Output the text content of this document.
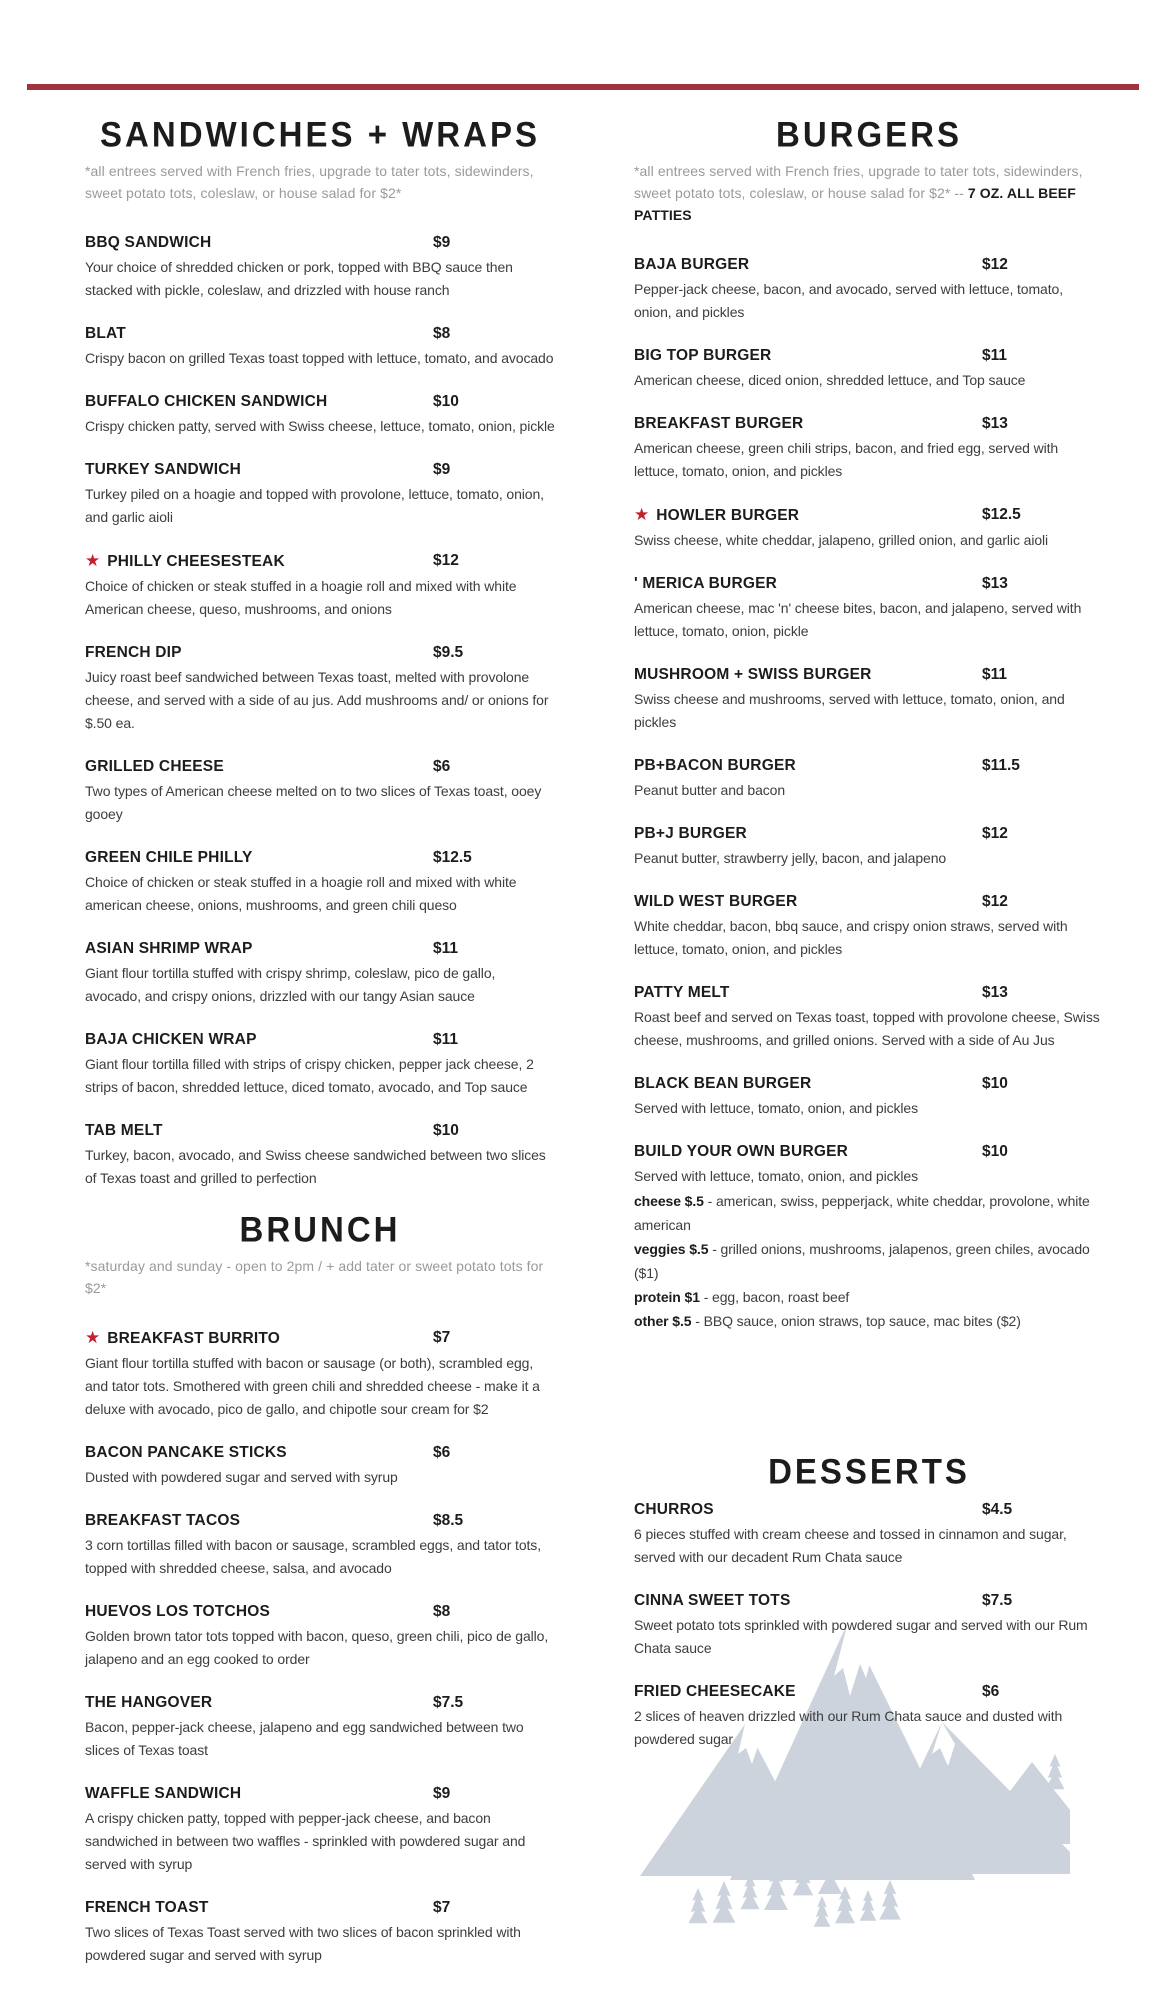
SANDWICHES + WRAPS

*all entrees served with French fries, upgrade to tater tots, sidewinders, sweet potato tots, coleslaw, or house salad for $2*

BBQ SANDWICH	$9
Your choice of shredded chicken or pork, topped with BBQ sauce then stacked with pickle, coleslaw, and drizzled with house ranch
BLAT	$8
Crispy bacon on grilled Texas toast topped with lettuce, tomato, and avocado
BUFFALO CHICKEN SANDWICH	$10
Crispy chicken patty, served with Swiss cheese, lettuce, tomato, onion, pickle
TURKEY SANDWICH	$9
Turkey piled on a hoagie and topped with provolone, lettuce, tomato, onion, and garlic aioli
★ PHILLY CHEESESTEAK	$12
Choice of chicken or steak stuffed in a hoagie roll and mixed with white American cheese, queso, mushrooms, and onions
FRENCH DIP	$9.5
Juicy roast beef sandwiched between Texas toast, melted with provolone cheese, and served with a side of au jus. Add mushrooms and/ or onions for $.50 ea.
GRILLED CHEESE	$6
Two types of American cheese melted on to two slices of Texas toast, ooey gooey
GREEN CHILE PHILLY	$12.5
Choice of chicken or steak stuffed in a hoagie roll and mixed with white american cheese, onions, mushrooms, and green chili queso
ASIAN SHRIMP WRAP	$11
Giant flour tortilla stuffed with crispy shrimp, coleslaw, pico de gallo, avocado, and crispy onions, drizzled with our tangy Asian sauce
BAJA CHICKEN WRAP	$11
Giant flour tortilla filled with strips of crispy chicken, pepper jack cheese, 2 strips of bacon, shredded lettuce, diced tomato, avocado, and Top sauce
TAB MELT	$10
Turkey, bacon, avocado, and Swiss cheese sandwiched between two slices of Texas toast and grilled to perfection
BRUNCH

*saturday and sunday - open to 2pm / + add tater or sweet potato tots for $2*

★ BREAKFAST BURRITO	$7
Giant flour tortilla stuffed with bacon or sausage (or both), scrambled egg, and tator tots. Smothered with green chili and shredded cheese - make it a deluxe with avocado, pico de gallo, and chipotle sour cream for $2
BACON PANCAKE STICKS	$6
Dusted with powdered sugar and served with syrup
BREAKFAST TACOS	$8.5
3 corn tortillas filled with bacon or sausage, scrambled eggs, and tator tots, topped with shredded cheese, salsa, and avocado
HUEVOS LOS TOTCHOS	$8
Golden brown tator tots topped with bacon, queso, green chili, pico de gallo, jalapeno and an egg cooked to order
THE HANGOVER	$7.5
Bacon, pepper-jack cheese, jalapeno and egg sandwiched between two slices of Texas toast
WAFFLE SANDWICH	$9
A crispy chicken patty, topped with pepper-jack cheese, and bacon sandwiched in between two waffles - sprinkled with powdered sugar and served with syrup
FRENCH TOAST	$7
Two slices of Texas Toast served with two slices of bacon sprinkled with powdered sugar and served with syrup
BURGERS

*all entrees served with French fries, upgrade to tater tots, sidewinders, sweet potato tots, coleslaw, or house salad for $2* -- 7 OZ. ALL BEEF PATTIES

BAJA BURGER	$12
Pepper-jack cheese, bacon, and avocado, served with lettuce, tomato, onion, and pickles
BIG TOP BURGER	$11
American cheese, diced onion, shredded lettuce, and Top sauce
BREAKFAST BURGER	$13
American cheese, green chili strips, bacon, and fried egg, served with lettuce, tomato, onion, and pickles
★ HOWLER BURGER	$12.5
Swiss cheese, white cheddar, jalapeno, grilled onion, and garlic aioli
' MERICA BURGER	$13
American cheese, mac 'n' cheese bites, bacon, and jalapeno, served with lettuce, tomato, onion, pickle
MUSHROOM + SWISS BURGER	$11
Swiss cheese and mushrooms, served with lettuce, tomato, onion, and pickles
PB+BACON BURGER	$11.5
Peanut butter and bacon
PB+J BURGER	$12
Peanut butter, strawberry jelly, bacon, and jalapeno
WILD WEST BURGER	$12
White cheddar, bacon, bbq sauce, and crispy onion straws, served with lettuce, tomato, onion, and pickles
PATTY MELT	$13
Roast beef and served on Texas toast, topped with provolone cheese, Swiss cheese, mushrooms, and grilled onions. Served with a side of Au Jus
BLACK BEAN BURGER	$10
Served with lettuce, tomato, onion, and pickles
BUILD YOUR OWN BURGER	$10
Served with lettuce, tomato, onion, and pickles
cheese $.5 - american, swiss, pepperjack, white cheddar, provolone, white american
veggies $.5 - grilled onions, mushrooms, jalapenos, green chiles, avocado ($1)
protein $1 - egg, bacon, roast beef
other $.5 - BBQ sauce, onion straws, top sauce, mac bites ($2)
DESSERTS
CHURROS	$4.5
6 pieces stuffed with cream cheese and tossed in cinnamon and sugar, served with our decadent Rum Chata sauce
CINNA SWEET TOTS	$7.5
Sweet potato tots sprinkled with powdered sugar and served with our Rum Chata sauce
FRIED CHEESECAKE	$6
2 slices of heaven drizzled with our Rum Chata sauce and dusted with powdered sugar
